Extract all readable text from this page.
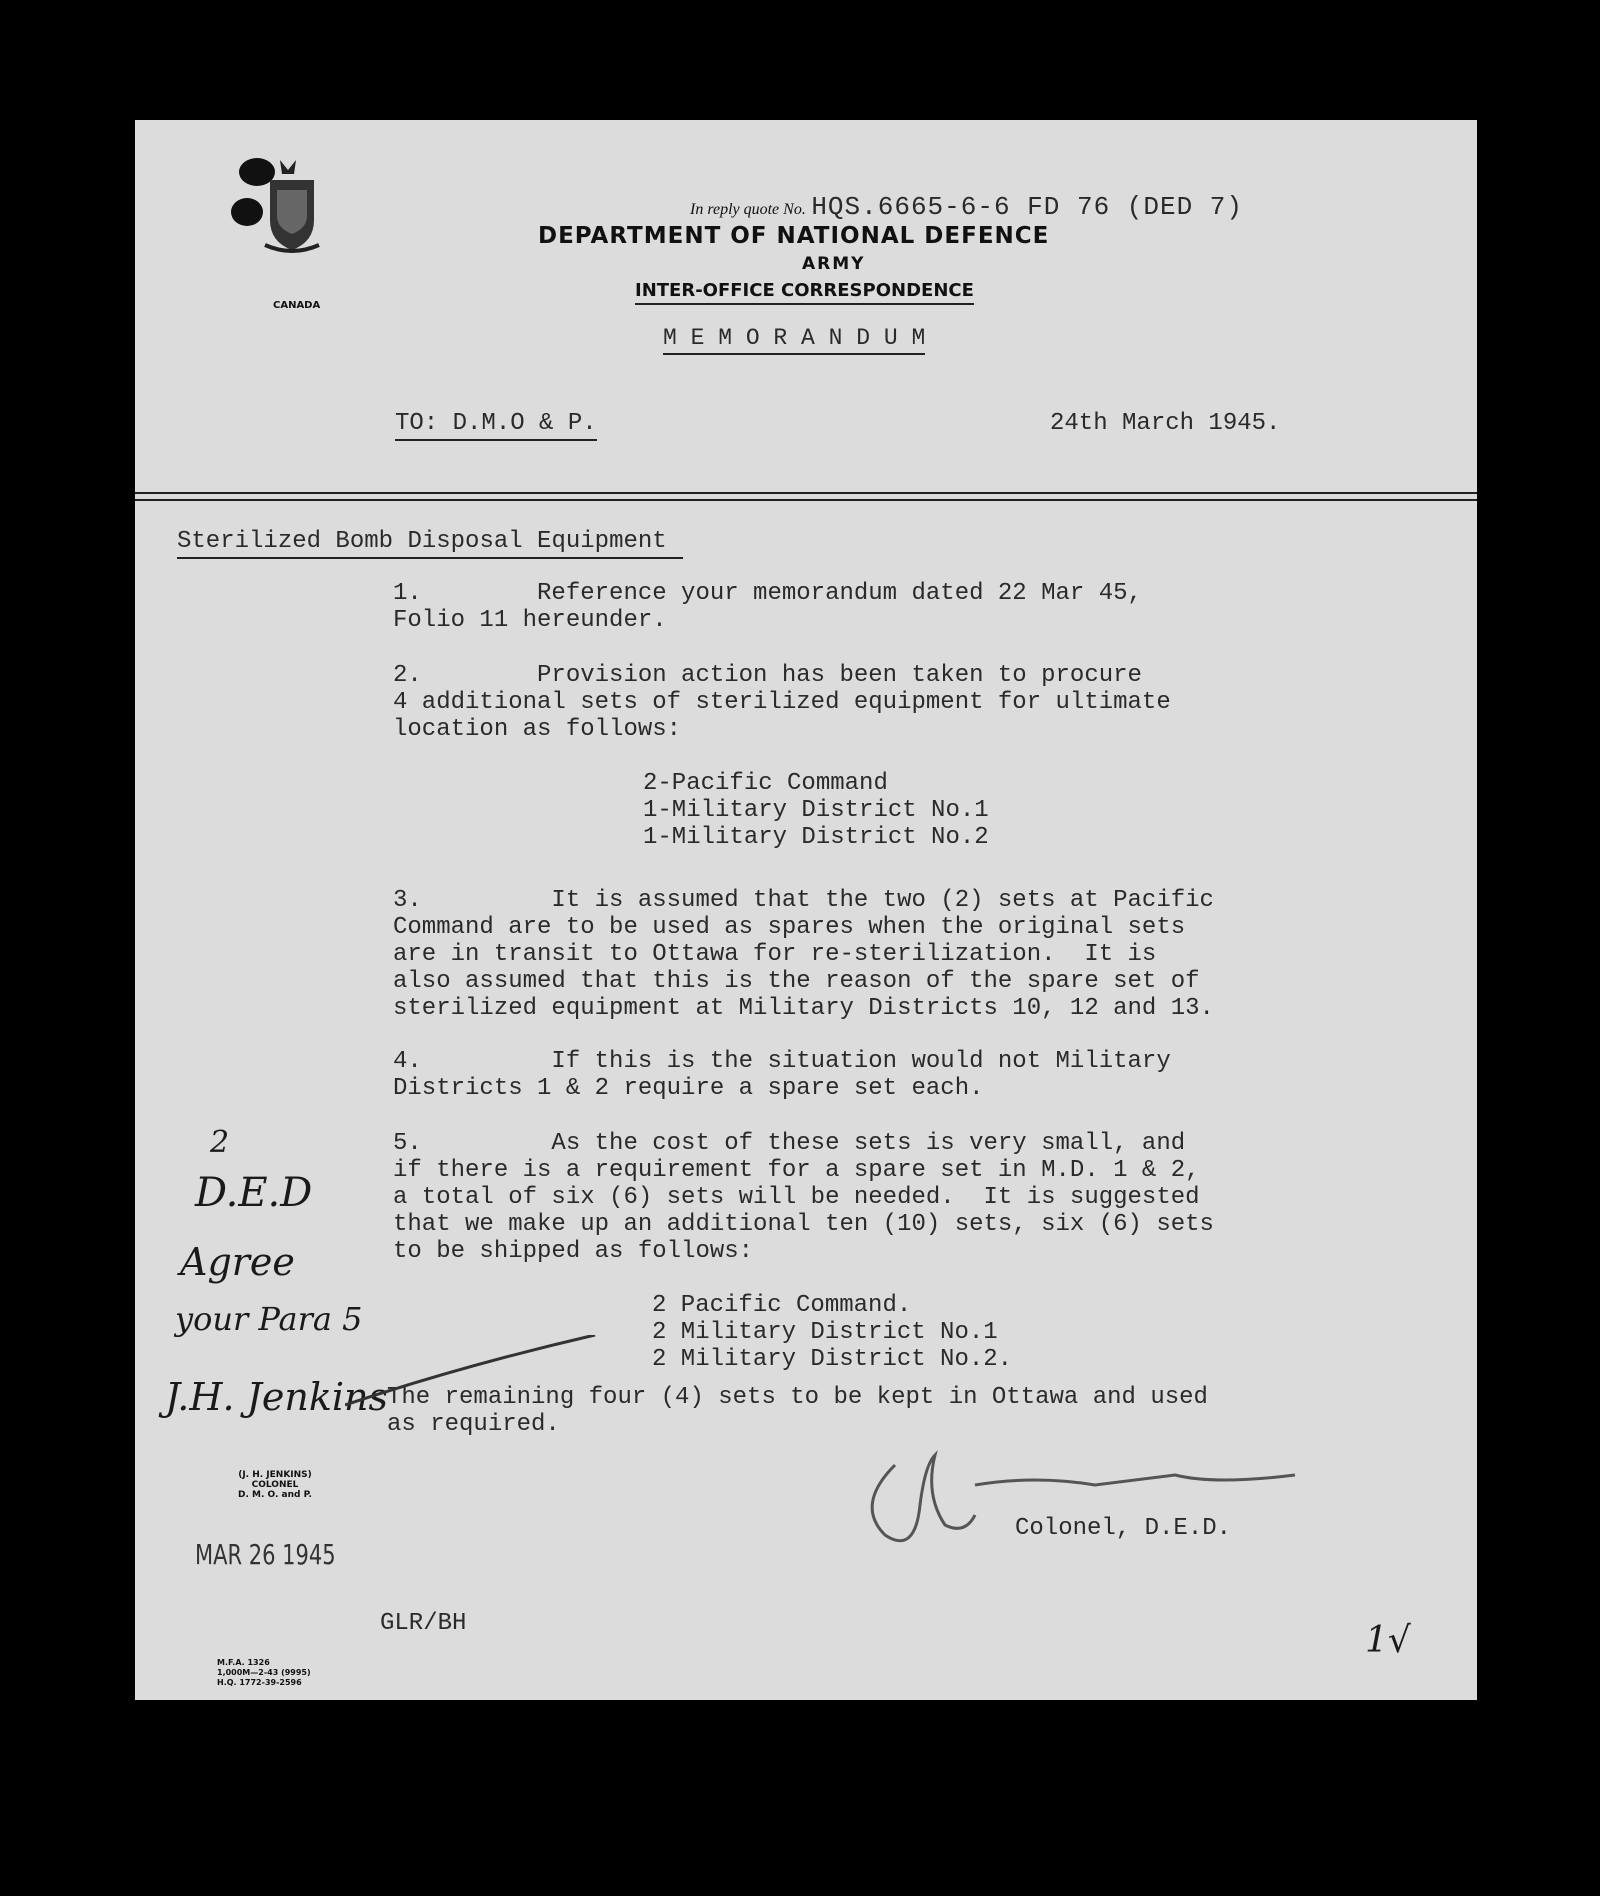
CANADA
In reply quote No. HQS.6665-6-6 FD 76 (DED 7)
DEPARTMENT OF NATIONAL DEFENCE
ARMY
INTER-OFFICE CORRESPONDENCE
M E M O R A N D U M
TO: D.M.O & P.	24th March 1945.
Sterilized Bomb Disposal Equipment
1.        Reference your memorandum dated 22 Mar 45,
Folio 11 hereunder.
2.        Provision action has been taken to procure
4 additional sets of sterilized equipment for ultimate
location as follows:
2-Pacific Command
1-Military District No.1
1-Military District No.2
3.         It is assumed that the two (2) sets at Pacific
Command are to be used as spares when the original sets
are in transit to Ottawa for re-sterilization.  It is
also assumed that this is the reason of the spare set of
sterilized equipment at Military Districts 10, 12 and 13.
4.         If this is the situation would not Military
Districts 1 & 2 require a spare set each.
5.         As the cost of these sets is very small, and
if there is a requirement for a spare set in M.D. 1 & 2,
a total of six (6) sets will be needed.  It is suggested
that we make up an additional ten (10) sets, six (6) sets
to be shipped as follows:
2 Pacific Command.
2 Military District No.1
2 Military District No.2.
The remaining four (4) sets to be kept in Ottawa and used
as required.
Colonel, D.E.D.
2
D.E.D
Agree
your Para 5
J.H. Jenkins
(J. H. JENKINS)
COLONEL
D. M. O. and P.
MAR 26 1945
GLR/BH
M.F.A. 1326
1,000M—2-43 (9995)
H.Q. 1772-39-2596
1√
